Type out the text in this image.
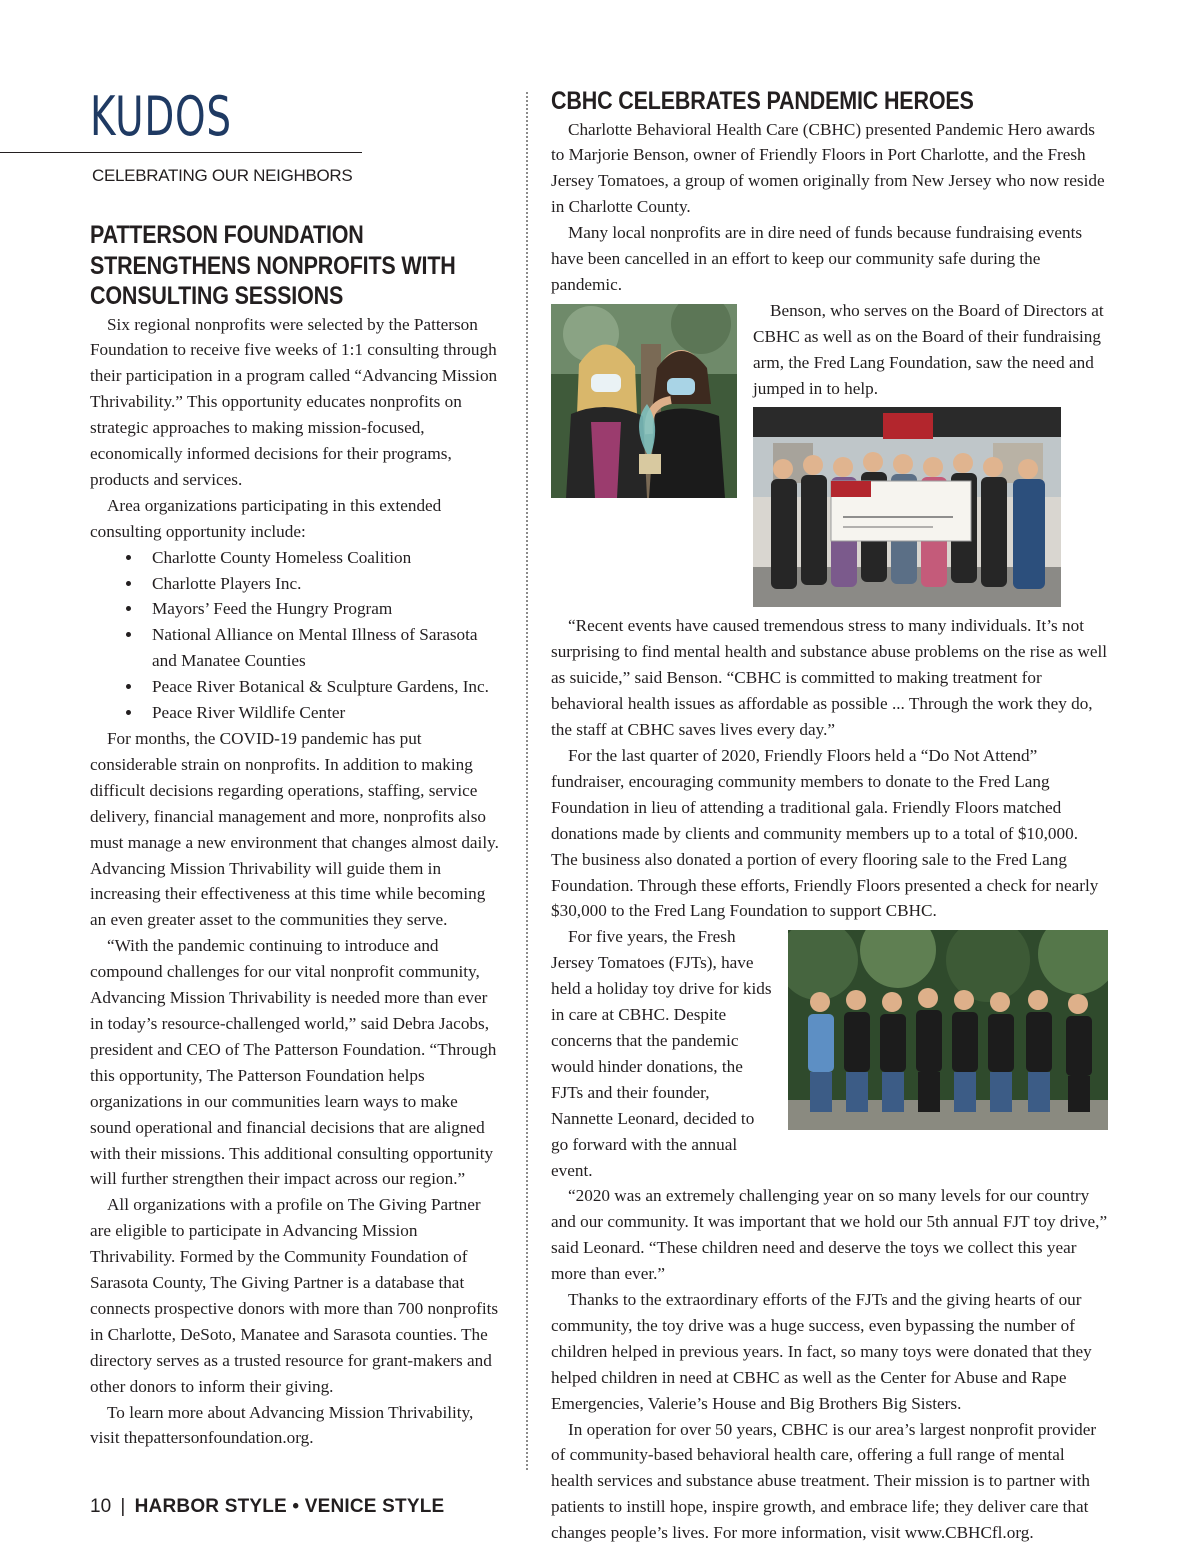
KUDOS
CELEBRATING OUR NEIGHBORS
PATTERSON FOUNDATION STRENGTHENS NONPROFITS WITH CONSULTING SESSIONS

Six regional nonprofits were selected by the Patterson Foundation to receive five weeks of 1:1 consulting through their participation in a program called “Advancing Mission Thrivability.” This opportunity educates nonprofits on strategic approaches to making mission-focused, economically informed decisions for their programs, products and services.

Area organizations participating in this extended consulting opportunity include:

Charlotte County Homeless Coalition
Charlotte Players Inc.
Mayors’ Feed the Hungry Program
National Alliance on Mental Illness of Sarasota and Manatee Counties
Peace River Botanical & Sculpture Gardens, Inc.
Peace River Wildlife Center

For months, the COVID-19 pandemic has put considerable strain on nonprofits. In addition to making difficult decisions regarding operations, staffing, service delivery, financial management and more, nonprofits also must manage a new environment that changes almost daily. Advancing Mission Thrivability will guide them in increasing their effectiveness at this time while becoming an even greater asset to the communities they serve.

“With the pandemic continuing to introduce and compound challenges for our vital nonprofit community, Advancing Mission Thrivability is needed more than ever in today’s resource-challenged world,” said Debra Jacobs, president and CEO of The Patterson Foundation. “Through this opportunity, The Patterson Foundation helps organizations in our communities learn ways to make sound operational and financial decisions that are aligned with their missions. This additional consulting opportunity will further strengthen their impact across our region.”

All organizations with a profile on The Giving Partner are eligible to participate in Advancing Mission Thrivability. Formed by the Community Foundation of Sarasota County, The Giving Partner is a database that connects prospective donors with more than 700 nonprofits in Charlotte, DeSoto, Manatee and Sarasota counties. The directory serves as a trusted resource for grant-makers and other donors to inform their giving.

To learn more about Advancing Mission Thrivability, visit thepattersonfoundation.org.

CBHC CELEBRATES PANDEMIC HEROES

Charlotte Behavioral Health Care (CBHC) presented Pandemic Hero awards to Marjorie Benson, owner of Friendly Floors in Port Charlotte, and the Fresh Jersey Tomatoes, a group of women originally from New Jersey who now reside in Charlotte County.

Many local nonprofits are in dire need of funds because fundraising events have been cancelled in an effort to keep our community safe during the pandemic.

Benson, who serves on the Board of Directors at CBHC as well as on the Board of their fundraising arm, the Fred Lang Foundation, saw the need and jumped in to help.

“Recent events have caused tremendous stress to many individuals. It’s not surprising to find mental health and substance abuse problems on the rise as well as suicide,” said Benson. “CBHC is committed to making treatment for behavioral health issues as affordable as possible ... Through the work they do, the staff at CBHC saves lives every day.”

For the last quarter of 2020, Friendly Floors held a “Do Not Attend” fundraiser, encouraging community members to donate to the Fred Lang Foundation in lieu of attending a traditional gala. Friendly Floors matched donations made by clients and community members up to a total of $10,000. The business also donated a portion of every flooring sale to the Fred Lang Foundation. Through these efforts, Friendly Floors presented a check for nearly $30,000 to the Fred Lang Foundation to support CBHC.

For five years, the Fresh Jersey Tomatoes (FJTs), have held a holiday toy drive for kids in care at CBHC. Despite concerns that the pandemic would hinder donations, the FJTs and their founder, Nannette Leonard, decided to go forward with the annual event.

“2020 was an extremely challenging year on so many levels for our country and our community. It was important that we hold our 5th annual FJT toy drive,” said Leonard. “These children need and deserve the toys we collect this year more than ever.”

Thanks to the extraordinary efforts of the FJTs and the giving hearts of our community, the toy drive was a huge success, even bypassing the number of children helped in previous years. In fact, so many toys were donated that they helped children in need at CBHC as well as the Center for Abuse and Rape Emergencies, Valerie’s House and Big Brothers Big Sisters.

In operation for over 50 years, CBHC is our area’s largest nonprofit provider of community-based behavioral health care, offering a full range of mental health services and substance abuse treatment. Their mission is to partner with patients to instill hope, inspire growth, and embrace life; they deliver care that changes people’s lives. For more information, visit www.CBHCfl.org.

10 | HARBOR STYLE • VENICE STYLE
